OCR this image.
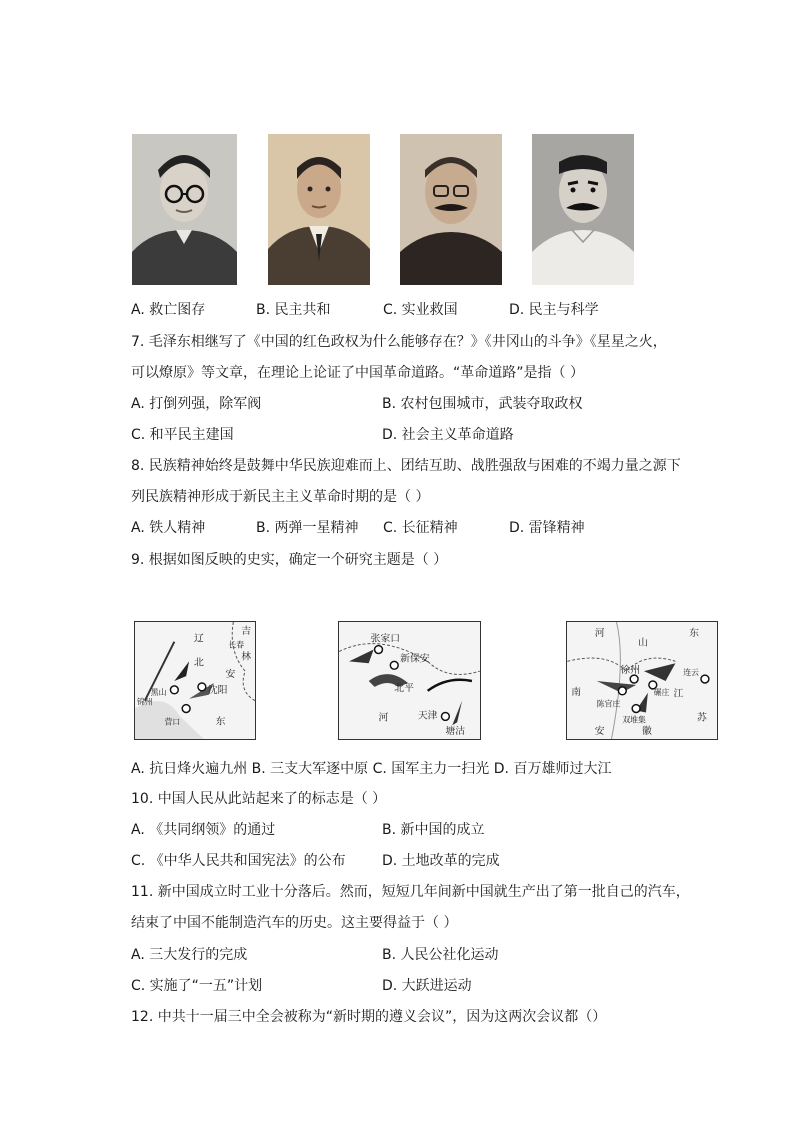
A. 救亡图存	B. 民主共和	C. 实业救国	D. 民主与科学
7. 毛泽东相继写了《中国的红色政权为什么能够存在？》《井冈山的斗争》《星星之火，
可以燎原》等文章，在理论上论证了中国革命道路。“革命道路”是指（ ）
A. 打倒列强，除军阀	B. 农村包围城市，武装夺取政权
C. 和平民主建国	D. 社会主义革命道路
8. 民族精神始终是鼓舞中华民族迎难而上、团结互助、战胜强敌与困难的不竭力量之源下
列民族精神形成于新民主主义革命时期的是（ ）
A. 铁人精神	B. 两弹一星精神 C. 长征精神	D. 雷锋精神
9. 根据如图反映的史实，确定一个研究主题是（ ）
辽
吉
长春
林
北
安
锦州
黑山	沈阳
营口	东
张家口
新保安
北平
天津
塘沽
河
河
山
东
连云
南
徐州
碾庄 江
陈官庄
双堆集
安	徽
苏
A. 抗日烽火遍九州 B. 三支大军逐中原 C. 国军主力一扫光 D. 百万雄师过大江
10. 中国人民从此站起来了的标志是（ ）
A. 《共同纲领》的通过	B. 新中国的成立
C. 《中华人民共和国宪法》的公布	D. 土地改革的完成
11. 新中国成立时工业十分落后。然而，短短几年间新中国就生产出了第一批自己的汽车，
结束了中国不能制造汽车的历史。这主要得益于（ ）
A. 三大发行的完成	B. 人民公社化运动
C. 实施了“一五”计划	D. 大跃进运动
12. 中共十一届三中全会被称为“新时期的遵义会议”，因为这两次会议都（）
